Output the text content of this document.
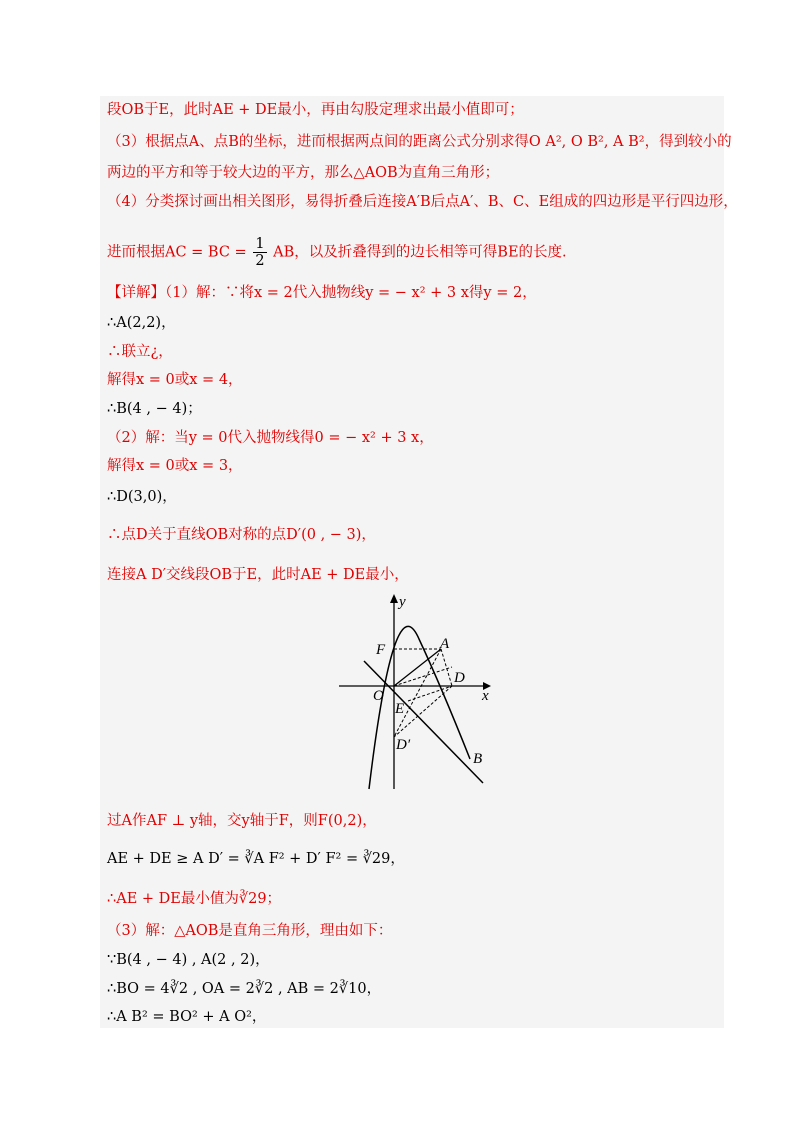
段OB于E，此时AE + DE最小，再由勾股定理求出最小值即可；
（3）根据点A、点B的坐标，进而根据两点间的距离公式分别求得O A², O B², A B²，得到较小的
两边的平方和等于较大边的平方，那么△AOB为直角三角形；
（4）分类探讨画出相关图形，易得折叠后连接A′B后点A′、B、C、E组成的四边形是平行四边形，
进而根据AC = BC = $\frac{1}{2}$ AB，以及折叠得到的边长相等可得BE的长度.
【详解】（1）解：∵将x = 2代入抛物线y = − x² + 3 x得y = 2，
∴A(2,2)，
∴联立¿，
解得x = 0或x = 4，
∴B(4 , − 4)；
（2）解：当y = 0代入抛物线得0 = − x² + 3 x，
解得x = 0或x = 3，
∴D(3,0)，
∴点D关于直线OB对称的点D′(0 , − 3)，
连接A D′交线段OB于E，此时AE + DE最小，
y
x
F	A
D
O
E
D′
B
过A作AF ⊥ y轴，交y轴于F，则F(0,2)，
AE + DE ≥ A D′ = ∛A F² + D′ F² = ∛29，
∴AE + DE最小值为∛29；
（3）解：△AOB是直角三角形，理由如下：
∵B(4 , − 4) , A(2 , 2)，
∴BO = 4∛2 , OA = 2∛2 , AB = 2∛10，
∴A B² = BO² + A O²，
